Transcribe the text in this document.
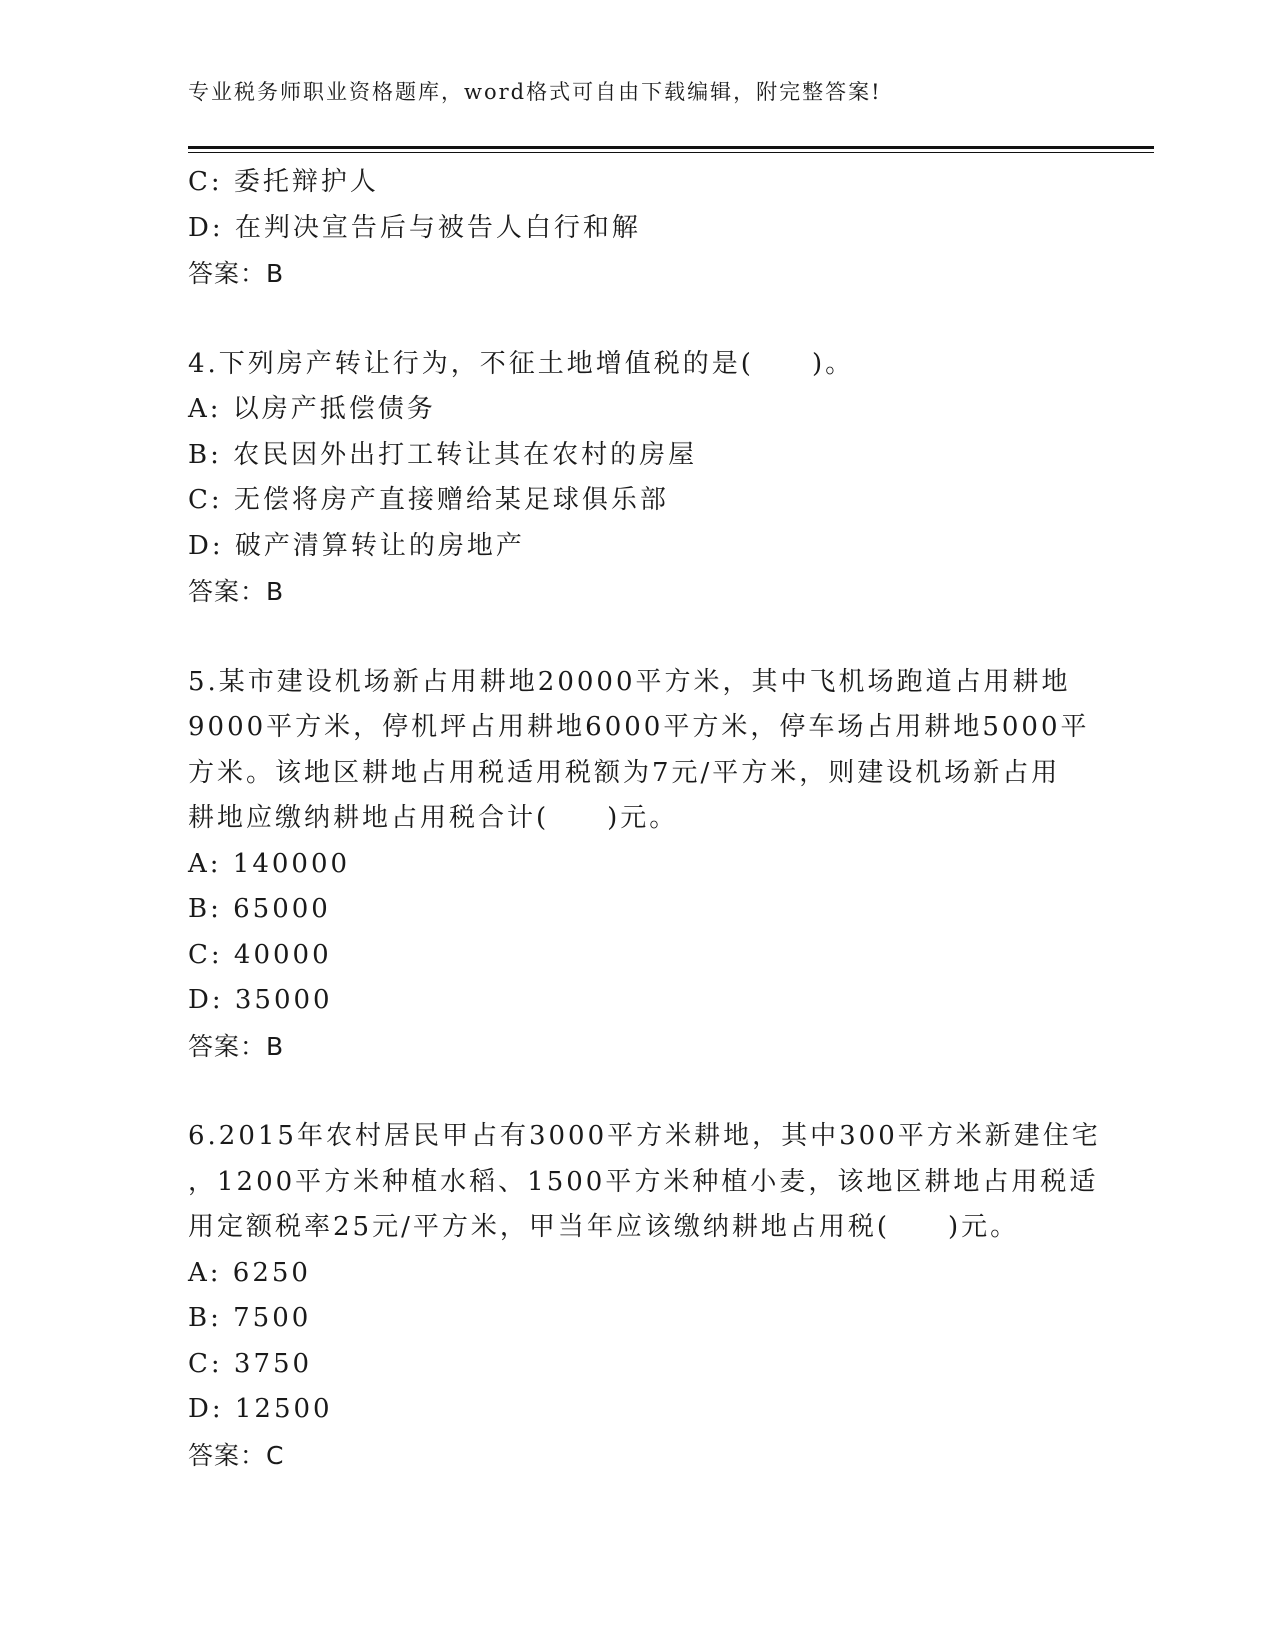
专业税务师职业资格题库，word格式可自由下载编辑，附完整答案!
C: 委托辩护人
D: 在判决宣告后与被告人白行和解
答案：B
4.下列房产转让行为，不征土地增值税的是(　　)。
A: 以房产抵偿债务
B: 农民因外出打工转让其在农村的房屋
C: 无偿将房产直接赠给某足球俱乐部
D: 破产清算转让的房地产
答案：B
5.某市建设机场新占用耕地20000平方米，其中飞机场跑道占用耕地
9000平方米，停机坪占用耕地6000平方米，停车场占用耕地5000平
方米。该地区耕地占用税适用税额为7元/平方米，则建设机场新占用
耕地应缴纳耕地占用税合计(　　)元。
A: 140000
B: 65000
C: 40000
D: 35000
答案：B
6.2015年农村居民甲占有3000平方米耕地，其中300平方米新建住宅
，1200平方米种植水稻、1500平方米种植小麦，该地区耕地占用税适
用定额税率25元/平方米，甲当年应该缴纳耕地占用税(　　)元。
A: 6250
B: 7500
C: 3750
D: 12500
答案：C
